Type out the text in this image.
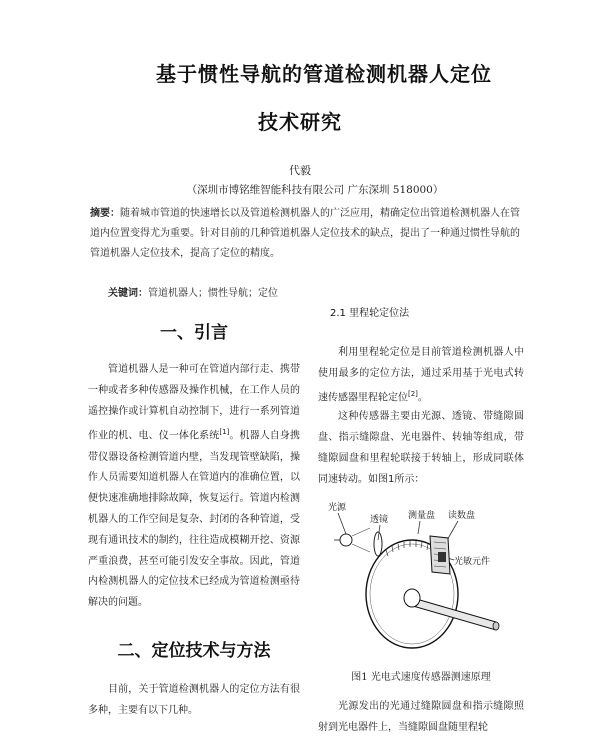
基于惯性导航的管道检测机器人定位
技术研究
代毅
（深圳市博铭维智能科技有限公司 广东深圳 518000）
摘要：随着城市管道的快速增长以及管道检测机器人的广泛应用，精确定位出管道检测机器人在管道内位置变得尤为重要。针对目前的几种管道机器人定位技术的缺点，提出了一种通过惯性导航的管道机器人定位技术，提高了定位的精度。
关键词：管道机器人；惯性导航；定位
一、引言
管道机器人是一种可在管道内部行走、携带一种或者多种传感器及操作机械，在工作人员的遥控操作或计算机自动控制下，进行一系列管道作业的机、电、仪一体化系统[1]。机器人自身携带仪器设备检测管道内壁，当发现管壁缺陷，操作人员需要知道机器人在管道内的准确位置，以便快速准确地排除故障，恢复运行。管道内检测机器人的工作空间是复杂、封闭的各种管道，受现有通讯技术的制约，往往造成模糊开挖、资源严重浪费，甚至可能引发安全事故。因此，管道内检测机器人的定位技术已经成为管道检测亟待解决的问题。
二、定位技术与方法
目前，关于管道检测机器人的定位方法有很多种，主要有以下几种。
2.1 里程轮定位法
利用里程轮定位是目前管道检测机器人中使用最多的定位方法，通过采用基于光电式转速传感器里程轮定位[2]。
这种传感器主要由光源、透镜、带缝隙圆盘、指示缝隙盘、光电器件、转轴等组成，带缝隙圆盘和里程轮联接于转轴上，形成同联体同速转动。如图1所示：
光源
透镜 测量盘 读数盘
光敏元件
图1 光电式速度传感器测速原理
光源发出的光通过缝隙圆盘和指示缝隙照射到光电器件上，当缝隙圆盘随里程轮
